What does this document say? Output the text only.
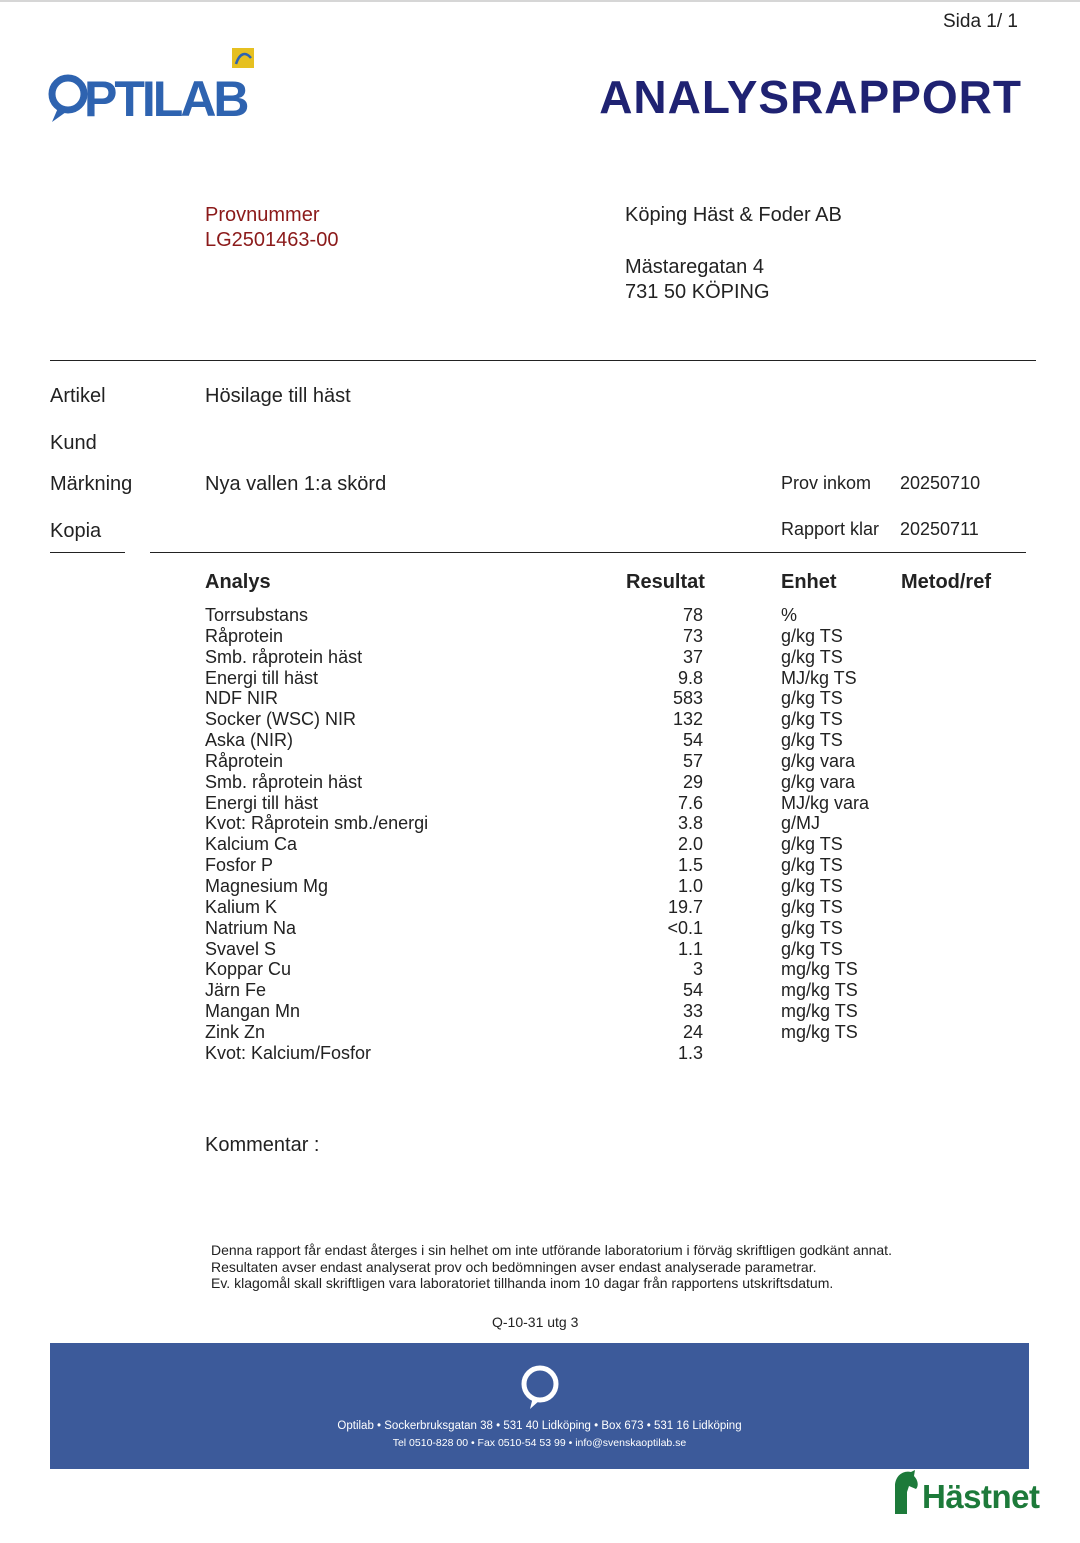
Sida 1/ 1
PTILAB	ANALYSRAPPORT
Provnummer
LG2501463-00
Köping Häst & Foder AB
Mästaregatan 4
731 50 KÖPING
Artikel	Hösilage till häst
Kund
Märkning	Nya vallen 1:a skörd	Prov inkom 20250710
Kopia	Rapport klar 20250711
Analys	Resultat	Enhet	Metod/ref
Torrsubstans	78	%
Råprotein	73	g/kg TS
Smb. råprotein häst	37	g/kg TS
Energi till häst	9.8	MJ/kg TS
NDF NIR	583	g/kg TS
Socker (WSC) NIR	132	g/kg TS
Aska (NIR)	54	g/kg TS
Råprotein	57	g/kg vara
Smb. råprotein häst	29	g/kg vara
Energi till häst	7.6	MJ/kg vara
Kvot: Råprotein smb./energi	3.8	g/MJ
Kalcium Ca	2.0	g/kg TS
Fosfor P	1.5	g/kg TS
Magnesium Mg	1.0	g/kg TS
Kalium K	19.7	g/kg TS
Natrium Na	<0.1	g/kg TS
Svavel S	1.1	g/kg TS
Koppar Cu	3	mg/kg TS
Järn Fe	54	mg/kg TS
Mangan Mn	33	mg/kg TS
Zink Zn	24	mg/kg TS
Kvot: Kalcium/Fosfor	1.3
Kommentar :
Denna rapport får endast återges i sin helhet om inte utförande laboratorium i förväg skriftligen godkänt annat.
Resultaten avser endast analyserat prov och bedömningen avser endast analyserade parametrar.
Ev. klagomål skall skriftligen vara laboratoriet tillhanda inom 10 dagar från rapportens utskriftsdatum.
Q-10-31 utg 3
Optilab • Sockerbruksgatan 38 • 531 40 Lidköping • Box 673 • 531 16 Lidköping
Tel 0510-828 00 • Fax 0510-54 53 99 • info@svenskaoptilab.se
Hästnet
